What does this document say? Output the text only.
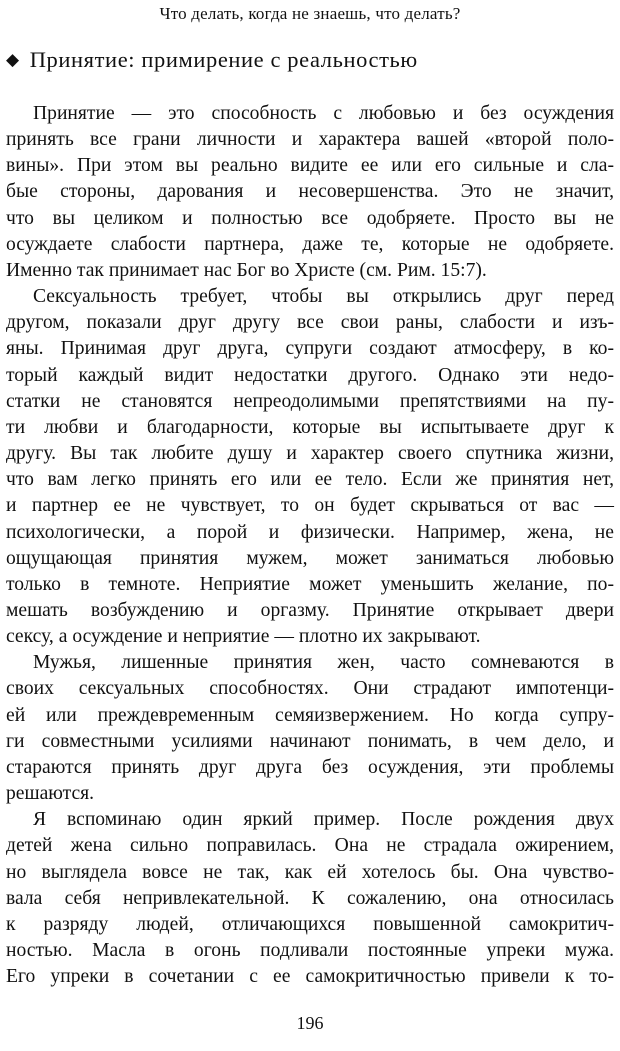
Что делать, когда не знаешь, что делать?
◆ Принятие: примирение с реальностью

Принятие — это способность с любовью и без осуждения
принять все грани личности и характера вашей «второй поло-
вины». При этом вы реально видите ее или его сильные и сла-
бые стороны, дарования и несовершенства. Это не значит,
что вы целиком и полностью все одобряете. Просто вы не
осуждаете слабости партнера, даже те, которые не одобряете.
Именно так принимает нас Бог во Христе (см. Рим. 15:7).

Сексуальность требует, чтобы вы открылись друг перед
другом, показали друг другу все свои раны, слабости и изъ-
яны. Принимая друг друга, супруги создают атмосферу, в ко-
торый каждый видит недостатки другого. Однако эти недо-
статки не становятся непреодолимыми препятствиями на пу-
ти любви и благодарности, которые вы испытываете друг к
другу. Вы так любите душу и характер своего спутника жизни,
что вам легко принять его или ее тело. Если же принятия нет,
и партнер ее не чувствует, то он будет скрываться от вас —
психологически, а порой и физически. Например, жена, не
ощущающая принятия мужем, может заниматься любовью
только в темноте. Неприятие может уменьшить желание, по-
мешать возбуждению и оргазму. Принятие открывает двери
сексу, а осуждение и неприятие — плотно их закрывают.

Мужья, лишенные принятия жен, часто сомневаются в
своих сексуальных способностях. Они страдают импотенци-
ей или преждевременным семяизвержением. Но когда супру-
ги совместными усилиями начинают понимать, в чем дело, и
стараются принять друг друга без осуждения, эти проблемы
решаются.

Я вспоминаю один яркий пример. После рождения двух
детей жена сильно поправилась. Она не страдала ожирением,
но выглядела вовсе не так, как ей хотелось бы. Она чувство-
вала себя непривлекательной. К сожалению, она относилась
к разряду людей, отличающихся повышенной самокритич-
ностью. Масла в огонь подливали постоянные упреки мужа.
Его упреки в сочетании с ее самокритичностью привели к то-

196
